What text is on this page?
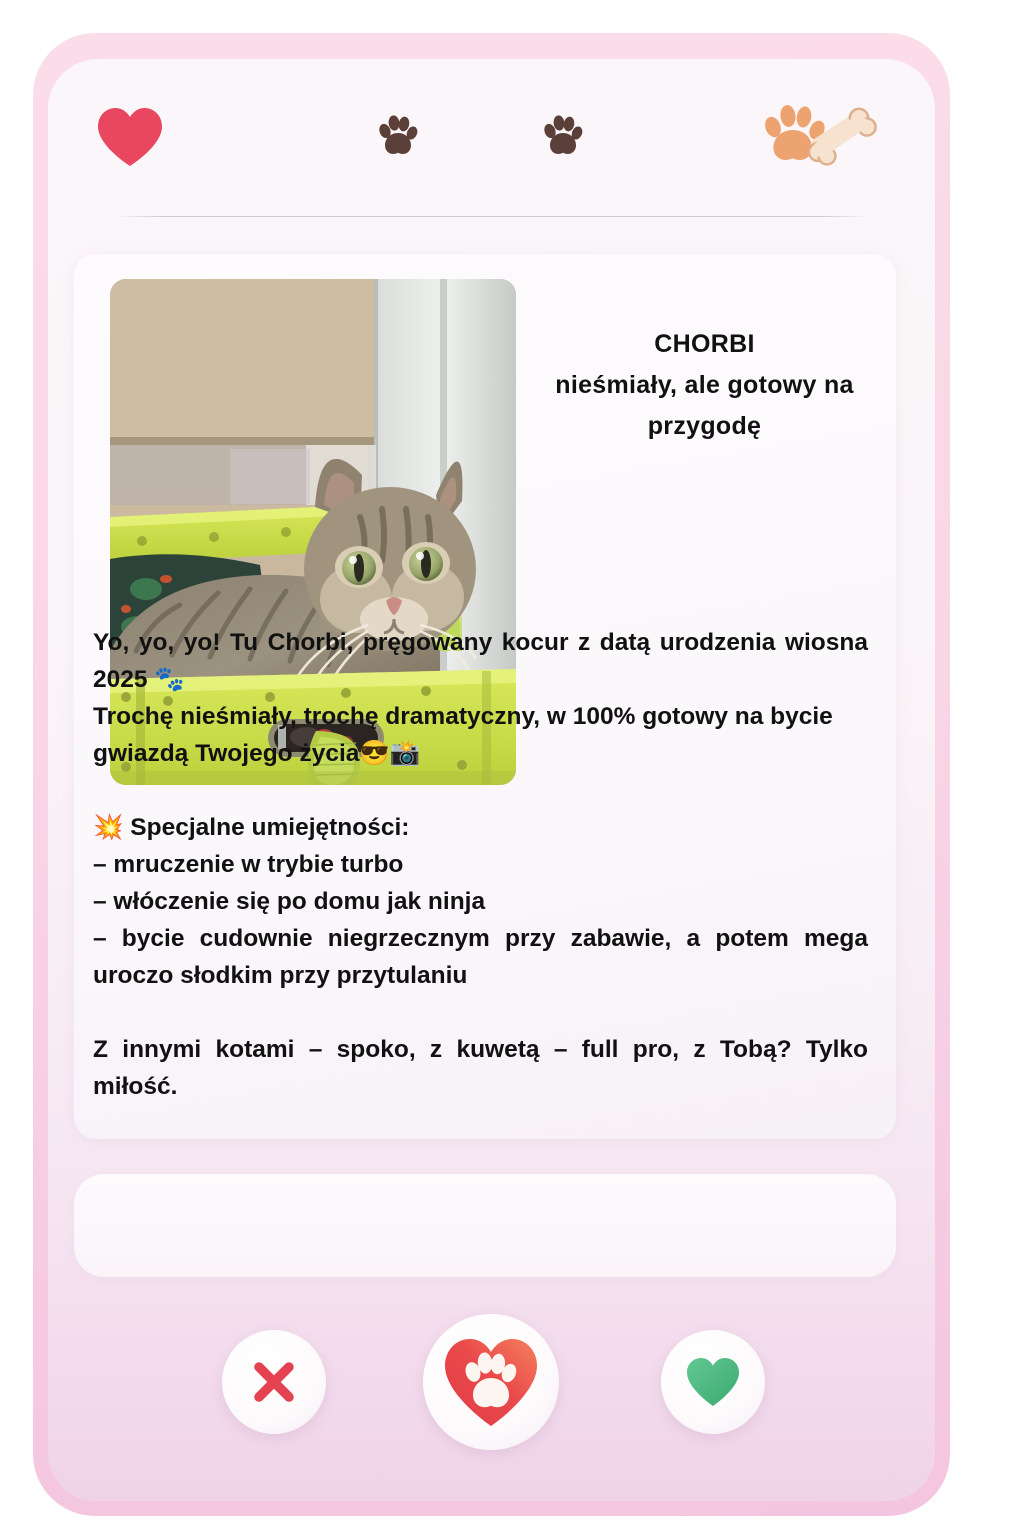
CHORBI
nieśmiały, ale gotowy na przygodę

Yo, yo, yo! Tu Chorbi, pręgowany kocur z datą urodzenia wiosna 2025 🐾

Trochę nieśmiały, trochę dramatyczny, w 100% gotowy na bycie gwiazdą Twojego życia😎📸

💥 Specjalne umiejętności:

– mruczenie w trybie turbo

– włóczenie się po domu jak ninja

– bycie cudownie niegrzecznym przy zabawie, a potem mega uroczo słodkim przy przytulaniu

Z innymi kotami – spoko, z kuwetą – full pro, z Tobą? Tylko miłość.
